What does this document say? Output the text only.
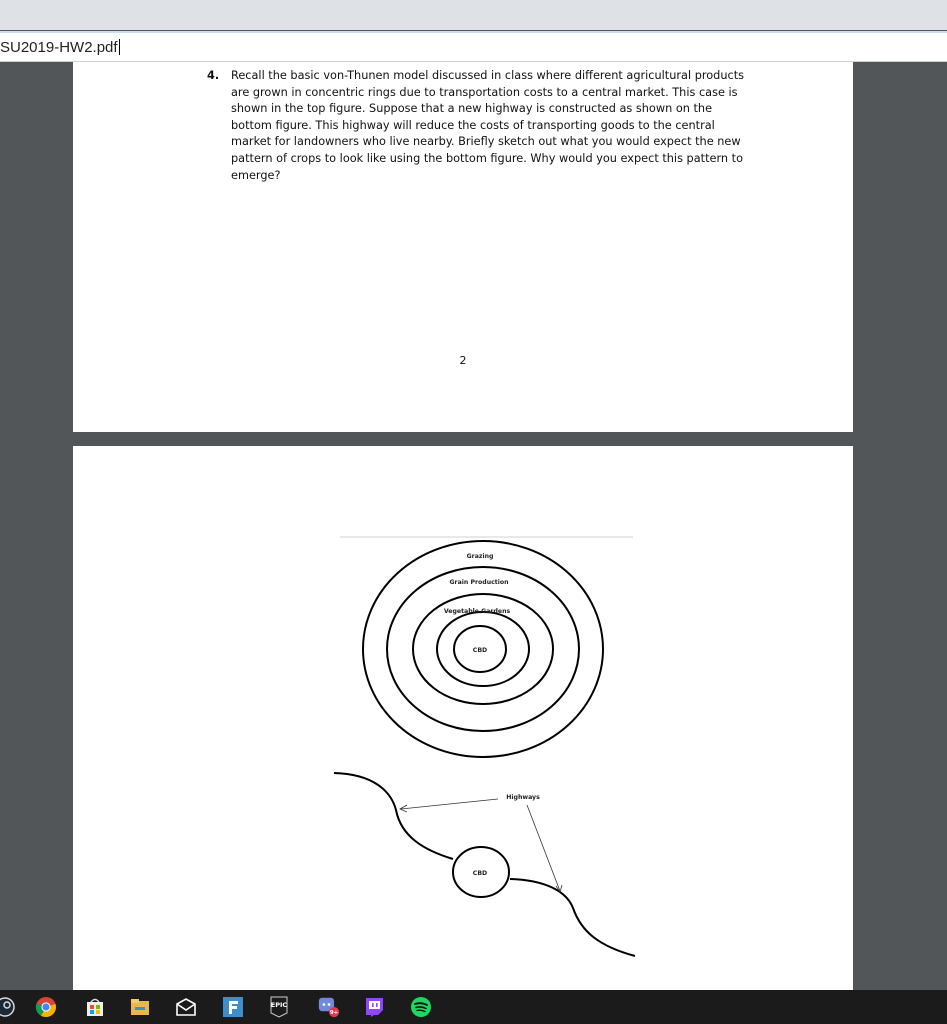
SU2019-HW2.pdf
4. Recall the basic von-Thunen model discussed in class where different agricultural products are grown in concentric rings due to transportation costs to a central market. This case is shown in the top figure. Suppose that a new highway is constructed as shown on the bottom figure. This highway will reduce the costs of transporting goods to the central market for landowners who live nearby. Briefly sketch out what you would expect the new pattern of crops to look like using the bottom figure. Why would you expect this pattern to emerge?
2
Grazing
Grain Production
Vegetable Gardens
CBD
CBD
Highways
EPIC
9+
